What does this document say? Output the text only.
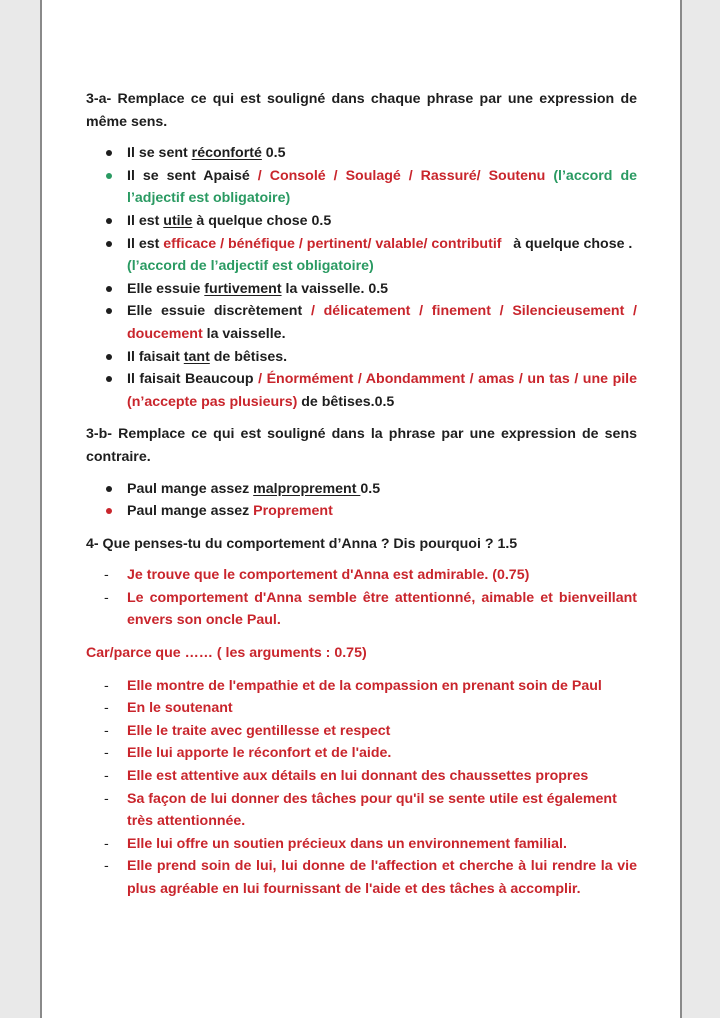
3-a- Remplace ce qui est souligné dans chaque phrase par une expression de même sens.

Il se sent réconforté 0.5
Il se sent Apaisé / Consolé / Soulagé / Rassuré/ Soutenu (l’accord de l’adjectif est obligatoire)
Il est utile à quelque chose 0.5
Il est efficace / bénéfique / pertinent/ valable/ contributif   à quelque chose . (l’accord de l’adjectif est obligatoire)
Elle essuie furtivement la vaisselle. 0.5
Elle essuie discrètement / délicatement / finement / Silencieusement / doucement la vaisselle.
Il faisait tant de bêtises.
Il faisait Beaucoup / Énormément / Abondamment / amas / un tas / une pile (n’accepte pas plusieurs) de bêtises.0.5

3-b- Remplace ce qui est souligné dans la phrase par une expression de sens contraire.

Paul mange assez malproprement 0.5
Paul mange assez Proprement

4- Que penses-tu du comportement d’Anna ? Dis pourquoi ? 1.5

- Je trouve que le comportement d'Anna est admirable. (0.75)
- Le comportement d'Anna semble être attentionné, aimable et bienveillant envers son oncle Paul.

Car/parce que …… ( les arguments : 0.75)

- Elle montre de l'empathie et de la compassion en prenant soin de Paul
- En le soutenant
- Elle le traite avec gentillesse et respect
- Elle lui apporte le réconfort et de l'aide.
- Elle est attentive aux détails en lui donnant des chaussettes propres
- Sa façon de lui donner des tâches pour qu'il se sente utile est également très attentionnée.
- Elle lui offre un soutien précieux dans un environnement familial.
- Elle prend soin de lui, lui donne de l'affection et cherche à lui rendre la vie plus agréable en lui fournissant de l'aide et des tâches à accomplir.
